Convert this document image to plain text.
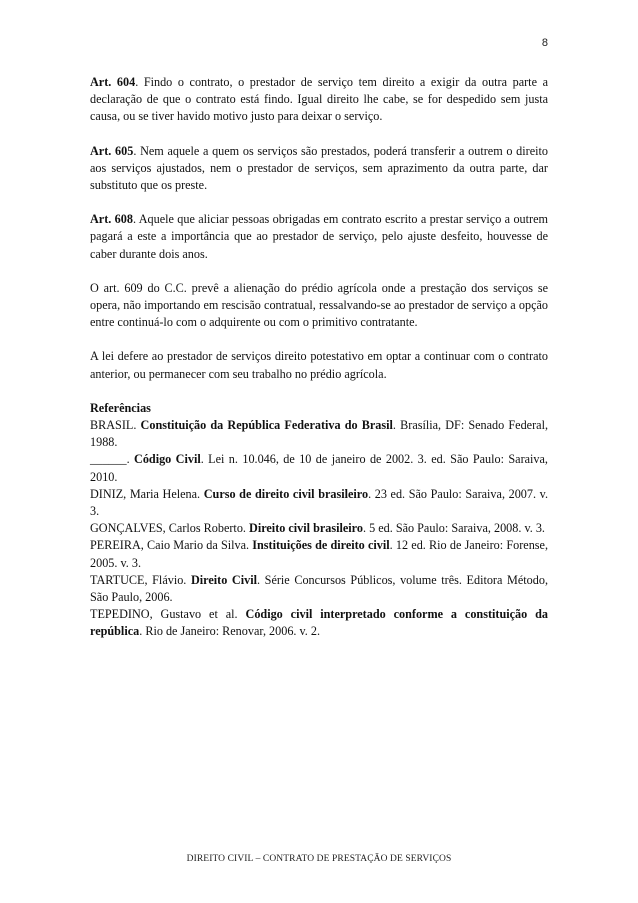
8

Art. 604. Findo o contrato, o prestador de serviço tem direito a exigir da outra parte a declaração de que o contrato está findo. Igual direito lhe cabe, se for despedido sem justa causa, ou se tiver havido motivo justo para deixar o serviço.

Art. 605. Nem aquele a quem os serviços são prestados, poderá transferir a outrem o direito aos serviços ajustados, nem o prestador de serviços, sem aprazimento da outra parte, dar substituto que os preste.

Art. 608. Aquele que aliciar pessoas obrigadas em contrato escrito a prestar serviço a outrem pagará a este a importância que ao prestador de serviço, pelo ajuste desfeito, houvesse de caber durante dois anos.

O art. 609 do C.C. prevê a alienação do prédio agrícola onde a prestação dos serviços se opera, não importando em rescisão contratual, ressalvando-se ao prestador de serviço a opção entre continuá-lo com o adquirente ou com o primitivo contratante.

A lei defere ao prestador de serviços direito potestativo em optar a continuar com o contrato anterior, ou permanecer com seu trabalho no prédio agrícola.

Referências

BRASIL. Constituição da República Federativa do Brasil. Brasília, DF: Senado Federal, 1988.

______. Código Civil. Lei n. 10.046, de 10 de janeiro de 2002. 3. ed. São Paulo: Saraiva, 2010.

DINIZ, Maria Helena. Curso de direito civil brasileiro. 23 ed. São Paulo: Saraiva, 2007. v. 3.

GONÇALVES, Carlos Roberto. Direito civil brasileiro. 5 ed. São Paulo: Saraiva, 2008. v. 3.

PEREIRA, Caio Mario da Silva. Instituições de direito civil. 12 ed. Rio de Janeiro: Forense, 2005. v. 3.

TARTUCE, Flávio. Direito Civil. Série Concursos Públicos, volume três. Editora Método, São Paulo, 2006.

TEPEDINO, Gustavo et al. Código civil interpretado conforme a constituição da república. Rio de Janeiro: Renovar, 2006. v. 2.

DIREITO CIVIL – CONTRATO DE PRESTAÇÃO DE SERVIÇOS
